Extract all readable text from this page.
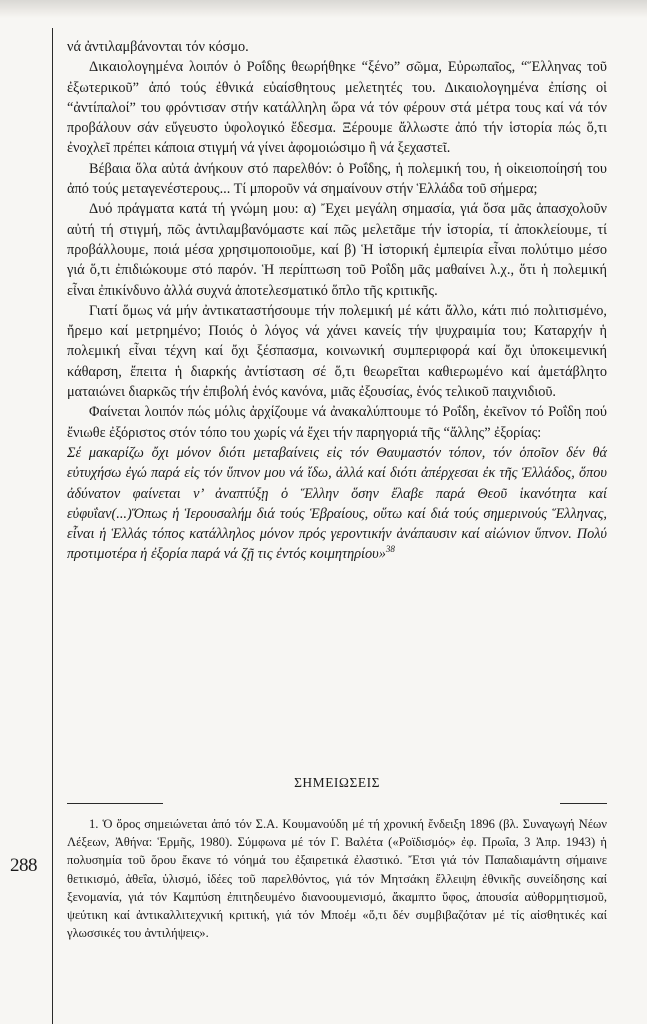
288

νά ἀντιλαμβάνονται τόν κόσμο.

Δικαιολογημένα λοιπόν ὁ Ροΐδης θεωρήθηκε “ξένο” σῶμα, Εὐρωπαῖος, “Ἕλληνας τοῦ ἐξωτερικοῦ” ἀπό τούς ἐθνικά εὐαίσθητους μελετητές του. Δικαιολογημένα ἐπίσης οἱ “ἀντίπαλοί” του φρόντισαν στήν κατάλληλη ὥρα νά τόν φέρουν στά μέτρα τους καί νά τόν προβάλουν σάν εὔγευστο ὑφολογικό ἔδεσμα. Ξέρουμε ἄλλωστε ἀπό τήν ἱστορία πώς ὅ,τι ἐνοχλεῖ πρέπει κάποια στιγμή νά γίνει ἀφομοιώσιμο ἢ νά ξεχαστεῖ.

Βέβαια ὅλα αὐτά ἀνήκουν στό παρελθόν: ὁ Ροΐδης, ἡ πολεμική του, ἡ οἰκειοποίησή του ἀπό τούς μεταγενέστερους... Τί μποροῦν νά σημαίνουν στήν Ἑλλάδα τοῦ σήμερα;

Δυό πράγματα κατά τή γνώμη μου: α) Ἔχει μεγάλη σημασία, γιά ὅσα μᾶς ἀπασχολοῦν αὐτή τή στιγμή, πῶς ἀντιλαμβανόμαστε καί πῶς μελετᾶμε τήν ἱστορία, τί ἀποκλείουμε, τί προβάλλουμε, ποιά μέσα χρησιμοποιοῦμε, καί β) Ἡ ἱστορική ἐμπειρία εἶναι πολύτιμο μέσο γιά ὅ,τι ἐπιδιώκουμε στό παρόν. Ἡ περίπτωση τοῦ Ροΐδη μᾶς μαθαίνει λ.χ., ὅτι ἡ πολεμική εἶναι ἐπικίνδυνο ἀλλά συχνά ἀποτελεσματικό ὅπλο τῆς κριτικῆς.

Γιατί ὅμως νά μήν ἀντικαταστήσουμε τήν πολεμική μέ κάτι ἄλλο, κάτι πιό πολιτισμένο, ἤρεμο καί μετρημένο; Ποιός ὁ λόγος νά χάνει κανείς τήν ψυχραιμία του; Καταρχήν ἡ πολεμική εἶναι τέχνη καί ὄχι ξέσπασμα, κοινωνική συμπεριφορά καί ὄχι ὑποκειμενική κάθαρση, ἔπειτα ἡ διαρκής ἀντίσταση σέ ὅ,τι θεωρεῖται καθιερωμένο καί ἀμετάβλητο ματαιώνει διαρκῶς τήν ἐπιβολή ἑνός κανόνα, μιᾶς ἐξουσίας, ἑνός τελικοῦ παιχνιδιοῦ.

Φαίνεται λοιπόν πώς μόλις ἀρχίζουμε νά ἀνακαλύπτουμε τό Ροΐδη, ἐκεῖνον τό Ροΐδη πού ἔνιωθε ἐξόριστος στόν τόπο του χωρίς νά ἔχει τήν παρηγοριά τῆς “ἄλλης” ἐξορίας:

Σέ μακαρίζω ὄχι μόνον διότι μεταβαίνεις εἰς τόν Θαυμαστόν τόπον, τόν ὁποῖον δέν θά εὐτυχήσω ἐγώ παρά εἰς τόν ὕπνον μου νά ἴδω, ἀλλά καί διότι ἀπέρχεσαι ἐκ τῆς Ἑλλάδος, ὅπου ἀδύνατον φαίνεται ν’ ἀναπτύξῃ ὁ Ἕλλην ὅσην ἔλαβε παρά Θεοῦ ἱκανότητα καί εὐφυΐαν(...)Ὅπως ἡ Ἱερουσαλήμ διά τούς Ἑβραίους, οὕτω καί διά τούς σημερινούς Ἕλληνας, εἶναι ἡ Ἑλλάς τόπος κατάλληλος μόνον πρός γεροντικήν ἀνάπαυσιν καί αἰώνιον ὕπνον. Πολύ προτιμοτέρα ἡ ἐξορία παρά νά ζῇ τις ἐντός κοιμητηρίου»$^{38}$

ΣΗΜΕΙΩΣΕΙΣ

1. Ὁ ὅρος σημειώνεται ἀπό τόν Σ.Α. Κουμανούδη μέ τή χρονική ἔνδειξη 1896 (βλ. Συναγωγή Νέων Λέξεων, Ἀθήνα: Ἑρμῆς, 1980). Σύμφωνα μέ τόν Γ. Βαλέτα («Ροϊδισμός» ἐφ. Πρωΐα, 3 Ἀπρ. 1943) ἡ πολυσημία τοῦ ὅρου ἔκανε τό νόημά του ἐξαιρετικά ἐλαστικό. Ἔτσι γιά τόν Παπαδιαμάντη σήμαινε θετικισμό, ἀθεΐα, ὑλισμό, ἰδέες τοῦ παρελθόντος, γιά τόν Μητσάκη ἔλλειψη ἐθνικῆς συνείδησης καί ξενομανία, γιά τόν Καμπύση ἐπιτηδευμένο διανοουμενισμό, ἄκαμπτο ὕφος, ἀπουσία αὐθορμητισμοῦ, ψεύτικη καί ἀντικαλλιτεχνική κριτική, γιά τόν Μποέμ «ὅ,τι δέν συμβιβαζόταν μέ τίς αἰσθητικές καί γλωσσικές του ἀντιλήψεις».
